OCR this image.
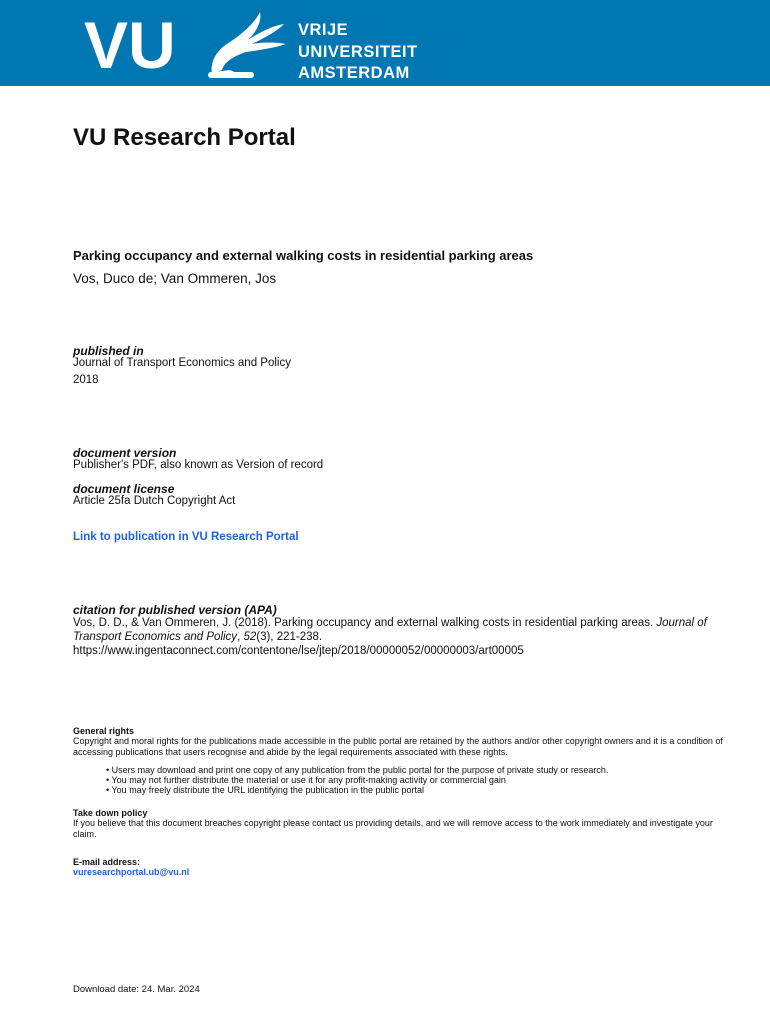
VU	VRIJE
UNIVERSITEIT
AMSTERDAM
VU Research Portal
Parking occupancy and external walking costs in residential parking areas
Vos, Duco de; Van Ommeren, Jos
published in
Journal of Transport Economics and Policy
2018
document version
Publisher's PDF, also known as Version of record
document license
Article 25fa Dutch Copyright Act
Link to publication in VU Research Portal
citation for published version (APA)
Vos, D. D., & Van Ommeren, J. (2018). Parking occupancy and external walking costs in residential parking areas. Journal of Transport Economics and Policy, 52(3), 221-238.
https://www.ingentaconnect.com/contentone/lse/jtep/2018/00000052/00000003/art00005
General rights
Copyright and moral rights for the publications made accessible in the public portal are retained by the authors and/or other copyright owners and it is a condition of accessing publications that users recognise and abide by the legal requirements associated with these rights.
• Users may download and print one copy of any publication from the public portal for the purpose of private study or research.
• You may not further distribute the material or use it for any profit-making activity or commercial gain
• You may freely distribute the URL identifying the publication in the public portal
Take down policy
If you believe that this document breaches copyright please contact us providing details, and we will remove access to the work immediately and investigate your claim.
E-mail address:
vuresearchportal.ub@vu.nl
Download date: 24. Mar. 2024
